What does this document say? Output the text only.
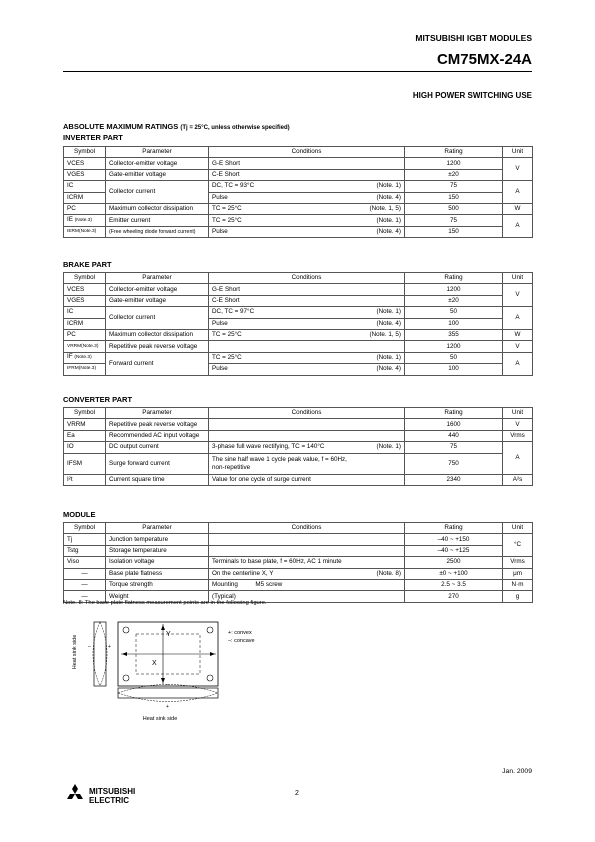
MITSUBISHI IGBT MODULES
CM75MX-24A
HIGH POWER SWITCHING USE
ABSOLUTE MAXIMUM RATINGS (Tj = 25°C, unless otherwise specified)
INVERTER PART
Symbol	Parameter	Conditions	Rating	Unit
VCES	Collector-emitter voltage	G-E Short	1200	V
VGES	Gate-emitter voltage	C-E Short	±20	
IC	Collector current	DC, TC = 93°C (Note. 1)	75	A
ICRM		Pulse (Note. 4)	150	
PC	Maximum collector dissipation	TC = 25°C (Note. 1, 5)	500	W
IE (Note.3)	Emitter current	TC = 25°C (Note. 1)	75	A
IERM(Note.3)	(Free wheeling diode forward current)	Pulse (Note. 4)	150	
BRAKE PART
Symbol	Parameter	Conditions	Rating	Unit
VCES	Collector-emitter voltage	G-E Short	1200	V
VGES	Gate-emitter voltage	C-E Short	±20	
IC	Collector current	DC, TC = 97°C (Note. 1)	50	A
ICRM		Pulse (Note. 4)	100	
PC	Maximum collector dissipation	TC = 25°C (Note. 1, 5)	355	W
VRRM(Note.3)	Repetitive peak reverse voltage		1200	V
IF (Note.3)	Forward current	TC = 25°C (Note. 1)	50	A
IFRM(Note.3)		Pulse (Note. 4)	100	
CONVERTER PART
Symbol	Parameter	Conditions	Rating	Unit
VRRM	Repetitive peak reverse voltage		1600	V
Ea	Recommended AC input voltage		440	Vrms
IO	DC output current	3-phase full wave rectifying, TC = 140°C (Note. 1)	75	A
IFSM	Surge forward current	The sine half wave 1 cycle peak value, f = 60Hz,
non-repetitive	750	
I²t	Current square time	Value for one cycle of surge current	2340	A²s
MODULE
Symbol	Parameter	Conditions	Rating	Unit
Tj	Junction temperature		–40 ~ +150	°C
Tstg	Storage temperature		–40 ~ +125	
Viso	Isolation voltage	Terminals to base plate, f = 60Hz, AC 1 minute	2500	Vrms
—	Base plate flatness	On the centerline X, Y (Note. 8)	±0 ~ +100	μm
—	Torque strength	Mounting          M5 screw	2.5 ~ 3.5	N·m
—	Weight	(Typical)	270	g
Note. 8: The base plate flatness measurement points are in the following figure.
Heat sink side –	+
Y
X
–
+
Heat sink side
+: convex
–: concave
Jan. 2009
2
MITSUBISHI
ELECTRIC
